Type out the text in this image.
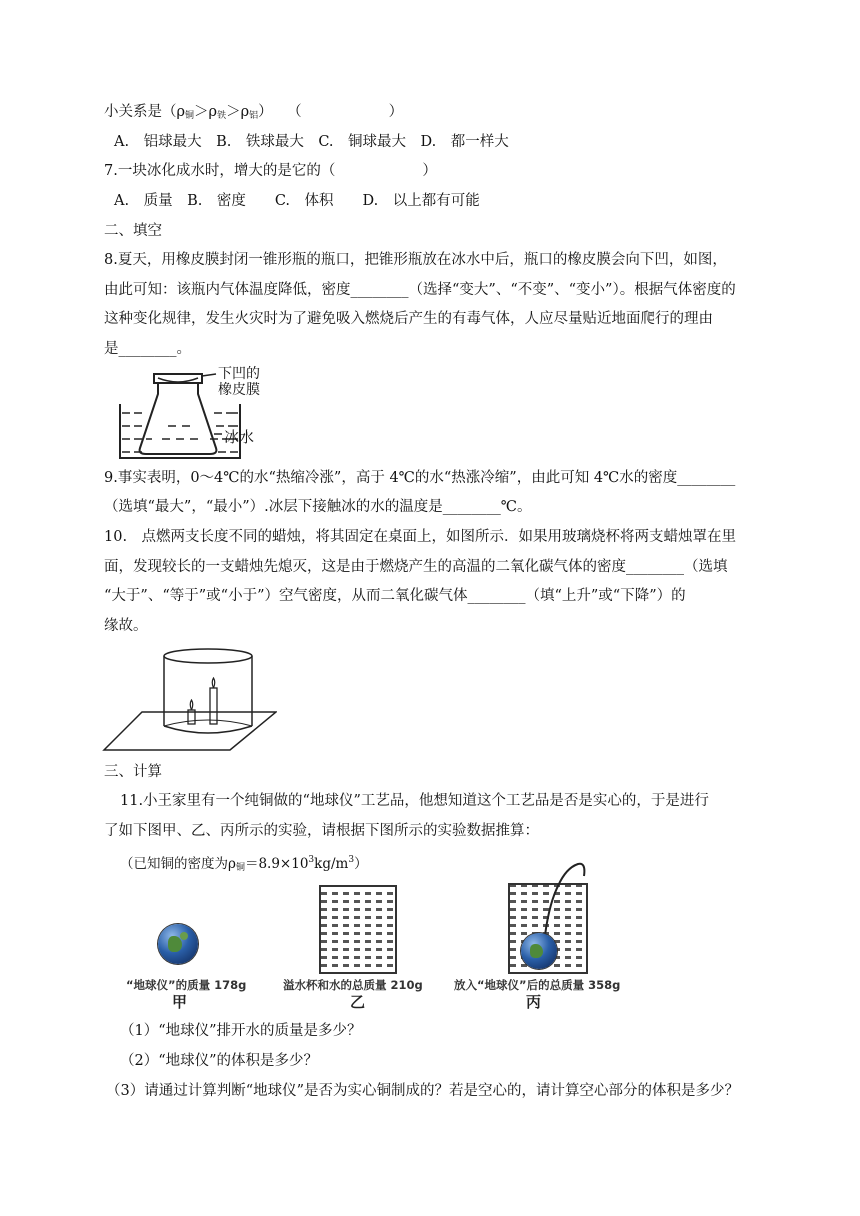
小关系是$(\rho_铜>\rho_铁>\rho_铝)$　　（　　　　　　）
A.　铝球最大　B.　铁球最大　C.　铜球最大　D.　都一样大
7.一块冰化成水时，增大的是它的（　　　　　　）
A.　质量　B.　密度　　C.　体积　　D.　以上都有可能
二、填空
8.夏天，用橡皮膜封闭一锥形瓶的瓶口，把锥形瓶放在冰水中后，瓶口的橡皮膜会向下凹，如图，
由此可知：该瓶内气体温度降低，密度________（选择“变大”、“不变”、“变小”）。根据气体密度的
这种变化规律，发生火灾时为了避免吸入燃烧后产生的有毒气体，人应尽量贴近地面爬行的理由
是________。
下凹的
橡皮膜
冰水
9.事实表明，0～4℃的水“热缩冷涨”，高于 4℃的水“热涨冷缩”，由此可知 4℃水的密度________
（选填“最大”，“最小”）.冰层下接触冰的水的温度是________℃。
10.　点燃两支长度不同的蜡烛，将其固定在桌面上，如图所示．如果用玻璃烧杯将两支蜡烛罩在里
面，发现较长的一支蜡烛先熄灭，这是由于燃烧产生的高温的二氧化碳气体的密度________（选填
“大于”、“等于”或“小于”）空气密度，从而二氧化碳气体________（填“上升”或“下降”）的
缘故。
三、计算
11.小王家里有一个纯铜做的“地球仪”工艺品，他想知道这个工艺品是否是实心的，于是进行
了如下图甲、乙、丙所示的实验，请根据下图所示的实验数据推算：
（已知铜的密度为$\rho_铜=8.9\times 10^3kg/m^3$）
“地球仪”的质量 178g
甲
溢水杯和水的总质量 210g
乙
放入“地球仪”后的总质量 358g
丙
（1）“地球仪”排开水的质量是多少？
（2）“地球仪”的体积是多少？
（3）请通过计算判断“地球仪”是否为实心铜制成的？若是空心的，请计算空心部分的体积是多少？
